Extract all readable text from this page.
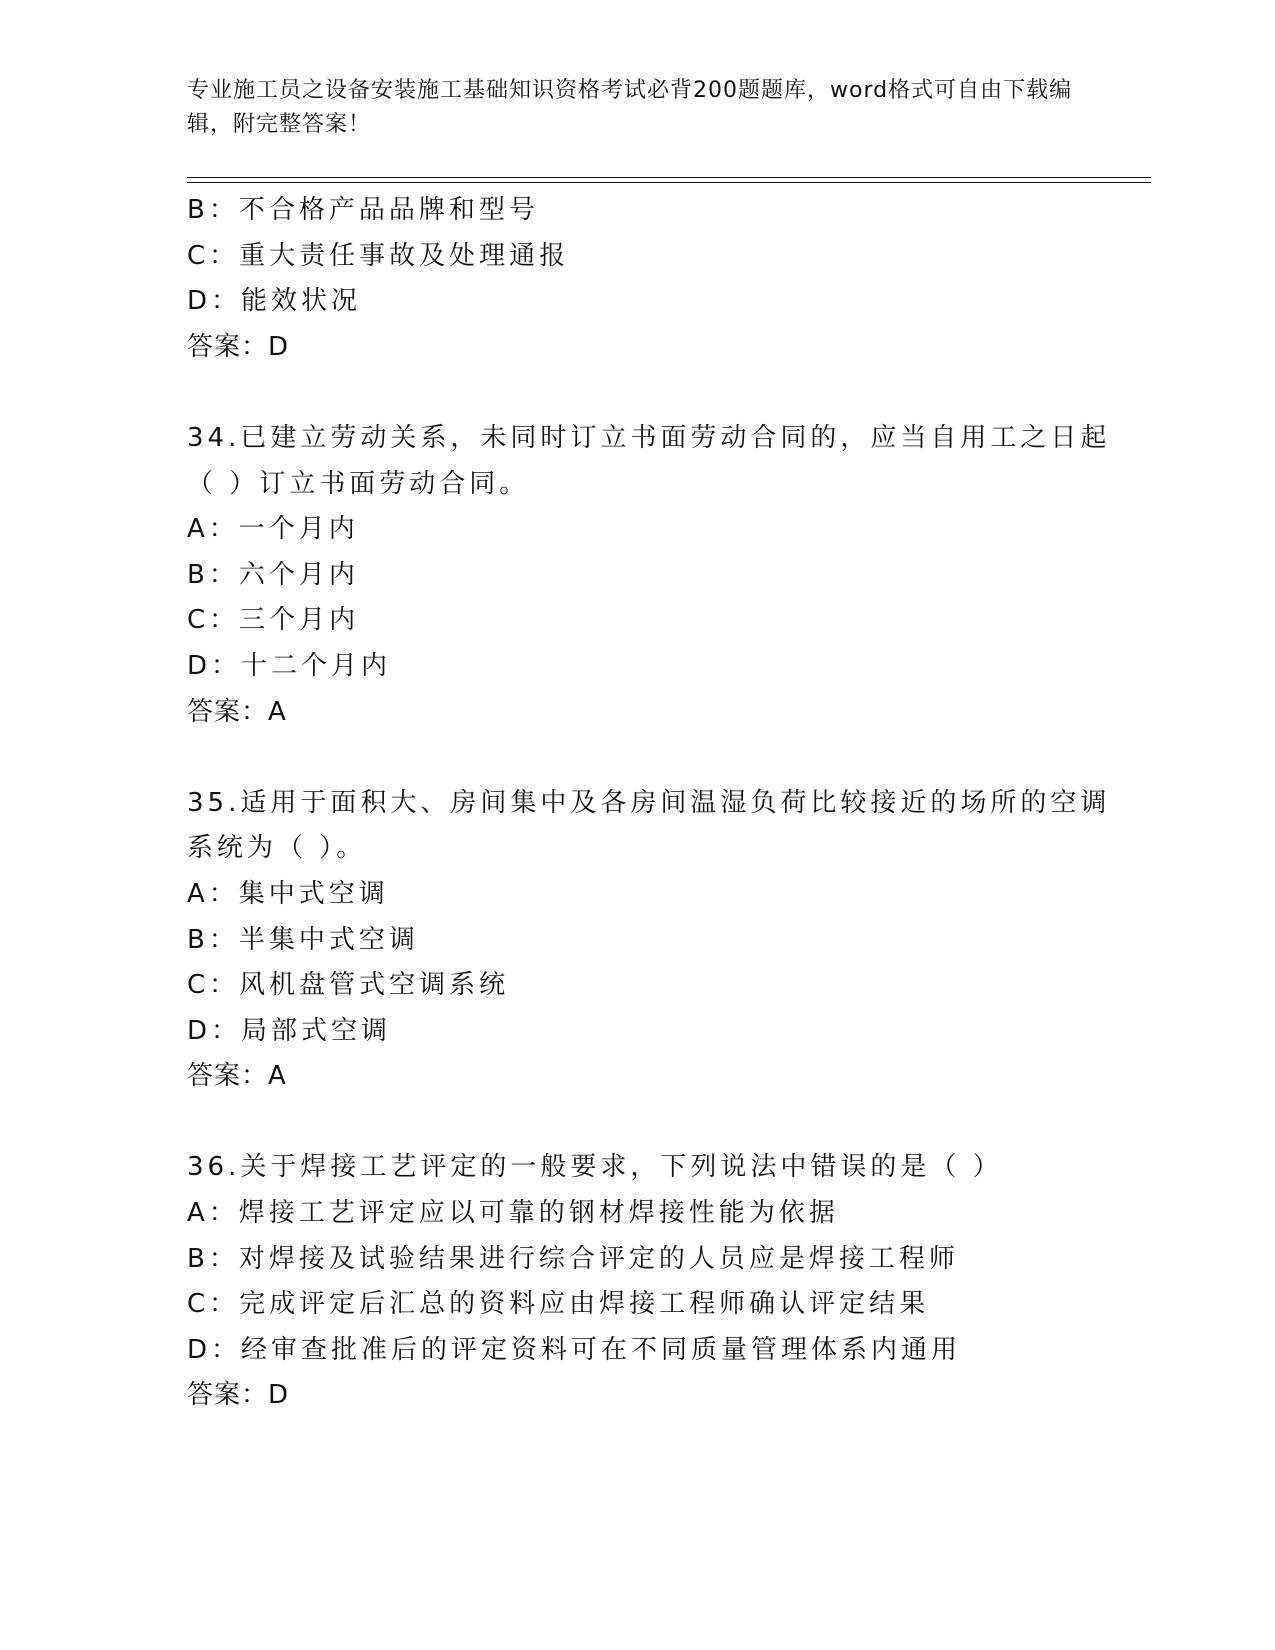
专业施工员之设备安装施工基础知识资格考试必背200题题库，word格式可自由下载编辑，附完整答案！
B：不合格产品品牌和型号
C：重大责任事故及处理通报
D：能效状况
答案：D
34.已建立劳动关系，未同时订立书面劳动合同的，应当自用工之日起
（ ）订立书面劳动合同。
A：一个月内
B：六个月内
C：三个月内
D：十二个月内
答案：A
35.适用于面积大、房间集中及各房间温湿负荷比较接近的场所的空调
系统为（ ）。
A：集中式空调
B：半集中式空调
C：风机盘管式空调系统
D：局部式空调
答案：A
36.关于焊接工艺评定的一般要求，下列说法中错误的是（ ）
A：焊接工艺评定应以可靠的钢材焊接性能为依据
B：对焊接及试验结果进行综合评定的人员应是焊接工程师
C：完成评定后汇总的资料应由焊接工程师确认评定结果
D：经审查批准后的评定资料可在不同质量管理体系内通用
答案：D
